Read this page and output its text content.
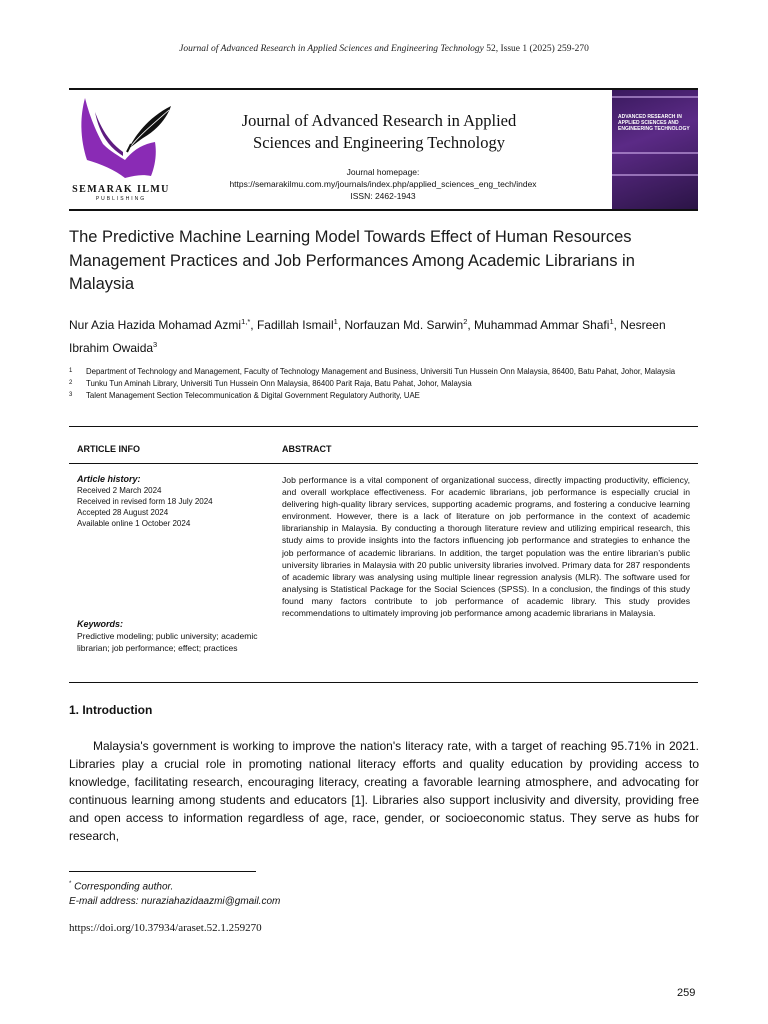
Journal of Advanced Research in Applied Sciences and Engineering Technology 52, Issue 1 (2025) 259-270
SEMARAK ILMU
PUBLISHING
Journal of Advanced Research in Applied Sciences and Engineering Technology
Journal homepage:
https://semarakilmu.com.my/journals/index.php/applied_sciences_eng_tech/index
ISSN: 2462-1943
ADVANCED RESEARCH IN APPLIED SCIENCES AND ENGINEERING TECHNOLOGY
The Predictive Machine Learning Model Towards Effect of Human Resources Management Practices and Job Performances Among Academic Librarians in Malaysia
Nur Azia Hazida Mohamad Azmi$^{1,*}$, Fadillah Ismail$^1$, Norfauzan Md. Sarwin$^2$, Muhammad Ammar Shafi$^1$, Nesreen Ibrahim Owaida$^3$
1	Department of Technology and Management, Faculty of Technology Management and Business, Universiti Tun Hussein Onn Malaysia, 86400, Batu Pahat, Johor, Malaysia
2	Tunku Tun Aminah Library, Universiti Tun Hussein Onn Malaysia, 86400 Parit Raja, Batu Pahat, Johor, Malaysia
3	Talent Management Section Telecommunication & Digital Government Regulatory Authority, UAE
ARTICLE INFO	ABSTRACT
Article history:
Received 2 March 2024
Received in revised form 18 July 2024
Accepted 28 August 2024
Available online 1 October 2024
Keywords:
Predictive modeling; public university; academic librarian; job performance; effect; practices
Job performance is a vital component of organizational success, directly impacting productivity, efficiency, and overall workplace effectiveness. For academic librarians, job performance is especially crucial in delivering high-quality library services, supporting academic programs, and fostering a conducive learning environment. However, there is a lack of literature on job performance in the context of academic librarianship in Malaysia. By conducting a thorough literature review and utilizing empirical research, this study aims to provide insights into the factors influencing job performance and strategies to enhance the job performance of academic librarians. In addition, the target population was the entire librarian’s public university libraries in Malaysia with 20 public university libraries involved. Primary data for 287 respondents of academic library was analysing using multiple linear regression analysis (MLR). The software used for analysing is Statistical Package for the Social Sciences (SPSS). In a conclusion, the findings of this study found many factors contribute to job performance of academic library. This study provides recommendations to ultimately improving job performance among academic librarians in Malaysia.
1. Introduction
Malaysia's government is working to improve the nation's literacy rate, with a target of reaching 95.71% in 2021. Libraries play a crucial role in promoting national literacy efforts and quality education by providing access to knowledge, facilitating research, encouraging literacy, creating a favorable learning atmosphere, and advocating for continuous learning among students and educators [1]. Libraries also support inclusivity and diversity, providing free and open access to information regardless of age, race, gender, or socioeconomic status. They serve as hubs for research,
* Corresponding author.
E-mail address: nuraziahazidaazmi@gmail.com
https://doi.org/10.37934/araset.52.1.259270
259
